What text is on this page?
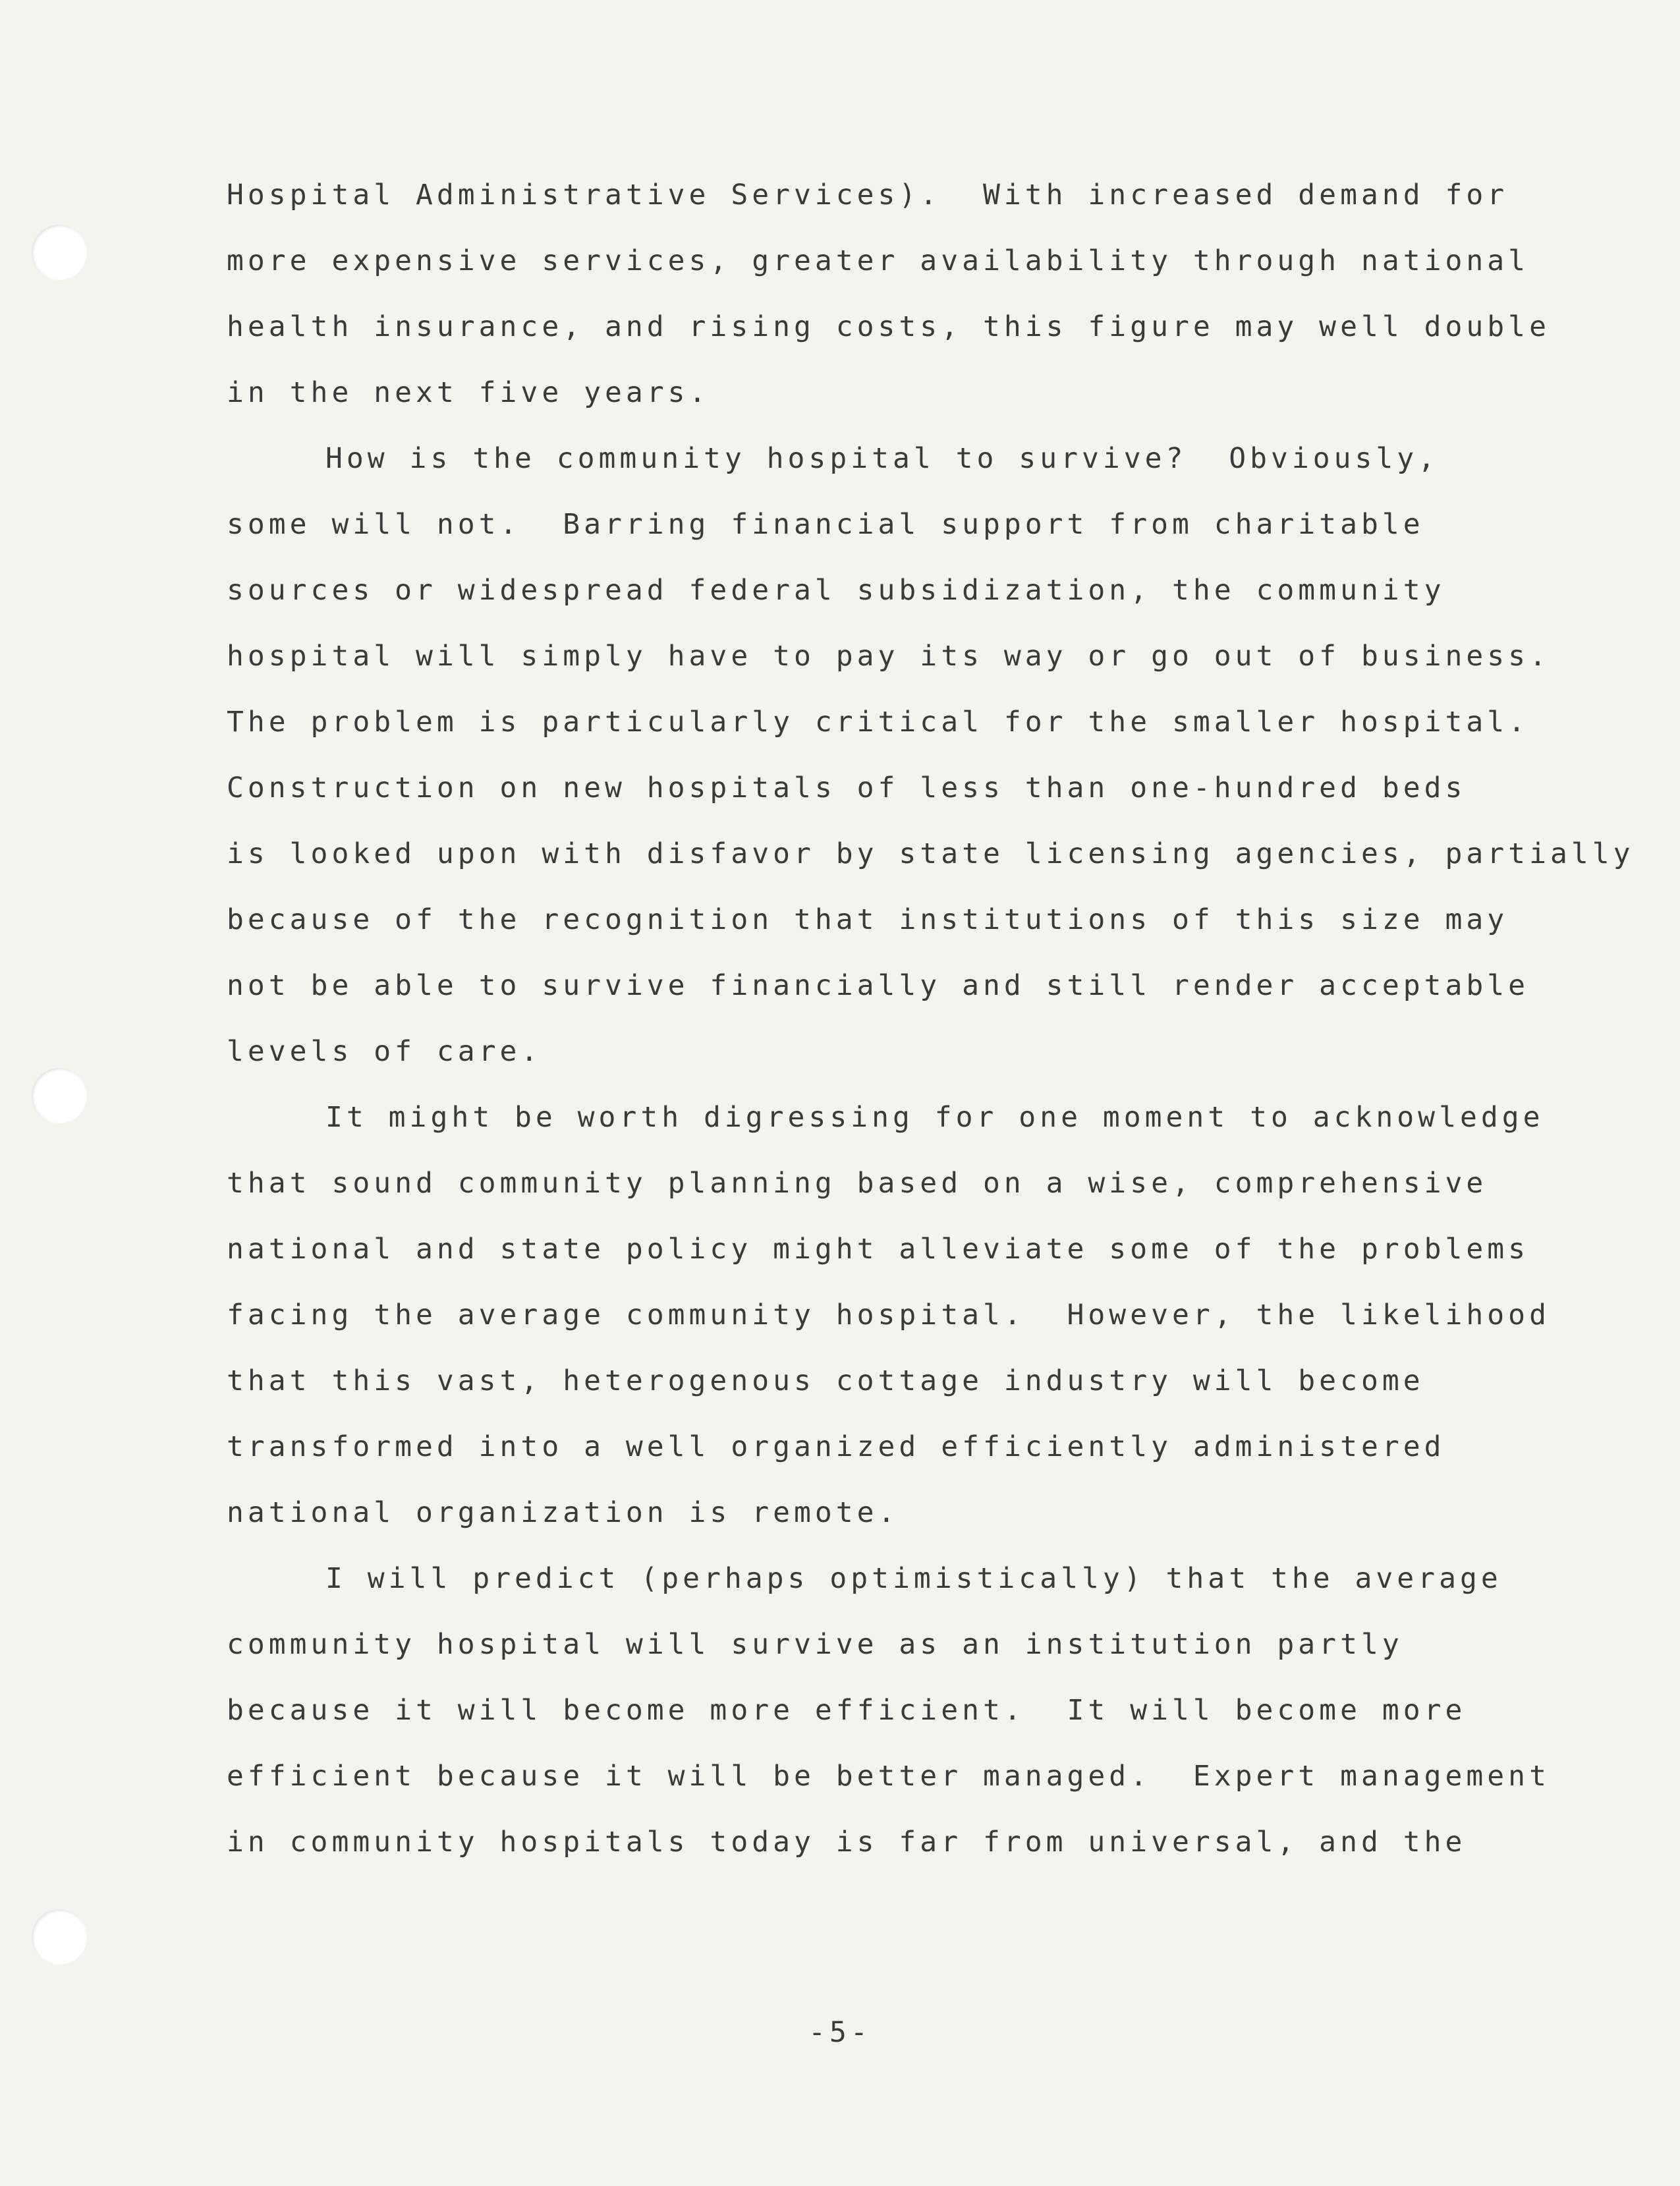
Hospital Administrative Services).  With increased demand for
more expensive services, greater availability through national
health insurance, and rising costs, this figure may well double
in the next five years.
How is the community hospital to survive?  Obviously,
some will not.  Barring financial support from charitable
sources or widespread federal subsidization, the community
hospital will simply have to pay its way or go out of business.
The problem is particularly critical for the smaller hospital.
Construction on new hospitals of less than one-hundred beds
is looked upon with disfavor by state licensing agencies, partially
because of the recognition that institutions of this size may
not be able to survive financially and still render acceptable
levels of care.
It might be worth digressing for one moment to acknowledge
that sound community planning based on a wise, comprehensive
national and state policy might alleviate some of the problems
facing the average community hospital.  However, the likelihood
that this vast, heterogenous cottage industry will become
transformed into a well organized efficiently administered
national organization is remote.
I will predict (perhaps optimistically) that the average
community hospital will survive as an institution partly
because it will become more efficient.  It will become more
efficient because it will be better managed.  Expert management
in community hospitals today is far from universal, and the
-5-
